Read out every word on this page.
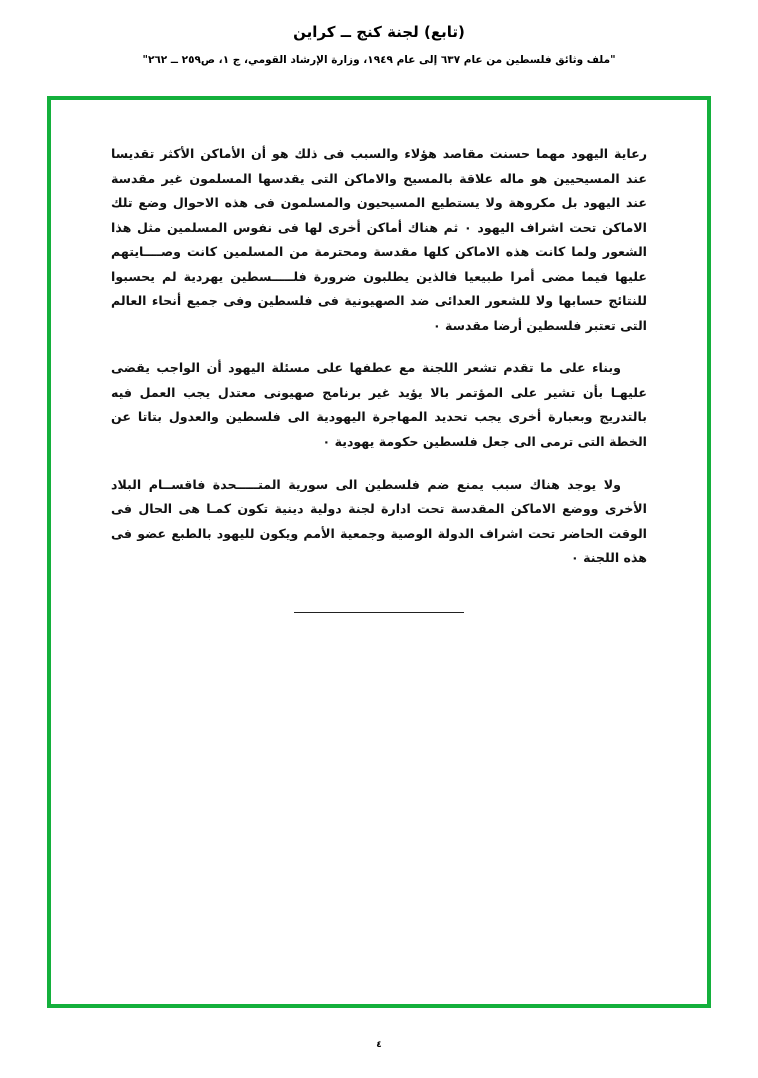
(تابع) لجنة كنج ــ كراين
"ملف وثائق فلسطين من عام ٦٣٧ إلى عام ١٩٤٩، وزارة الإرشاد القومي، ج ١، ص٢٥٩ ــ ٢٦٢"

رعاية اليهود مهما حسنت مقاصد هؤلاء والسبب فى ذلك هو أن الأماكن الأكثر تقديسا عند المسيحيين هو ماله علاقة بالمسيح والاماكن التى يقدسها المسلمون غير مقدسة عند اليهود بل مكروهة ولا يستطيع المسيحيون والمسلمون فى هذه الاحوال وضع تلك الاماكن تحت اشراف اليهود ٠ ثم هناك أماكن أخرى لها فى نفوس المسلمين مثل هذا الشعور ولما كانت هذه الاماكن كلها مقدسة ومحترمة من المسلمين كانت وصــــايتهم عليها فيما مضى أمرا طبيعيا فالذين يطلبون ضرورة فلـــــسطين يهردية لم يحسبوا للنتائج حسابها ولا للشعور العدائى ضد الصهيونية فى فلسطين وفى جميع أنحاء العالم التى تعتبر فلسطين أرضا مقدسة ٠

وبناء على ما تقدم تشعر اللجنة مع عطفها على مسئلة اليهود أن الواجب يقضى عليهـا بأن تشير على المؤتمر بالا يؤيد غير برنامج صهيونى معتدل يجب العمل فيه بالتدريج وبعبارة أخرى يجب تحديد المهاجرة اليهودية الى فلسطين والعدول بتاتا عن الخطة التى ترمى الى جعل فلسطين حكومة يهودية ٠

ولا يوجد هناك سبب يمنع ضم فلسطين الى سورية المتـــــحدة فاقســام البلاد الأخرى ووضع الاماكن المقدسة تحت ادارة لجنة دولية دينية تكون كمـا هى الحال فى الوقت الحاضر تحت اشراف الدولة الوصية وجمعية الأمم ويكون لليهود بالطبع عضو فى هذه اللجنة ٠

٤
